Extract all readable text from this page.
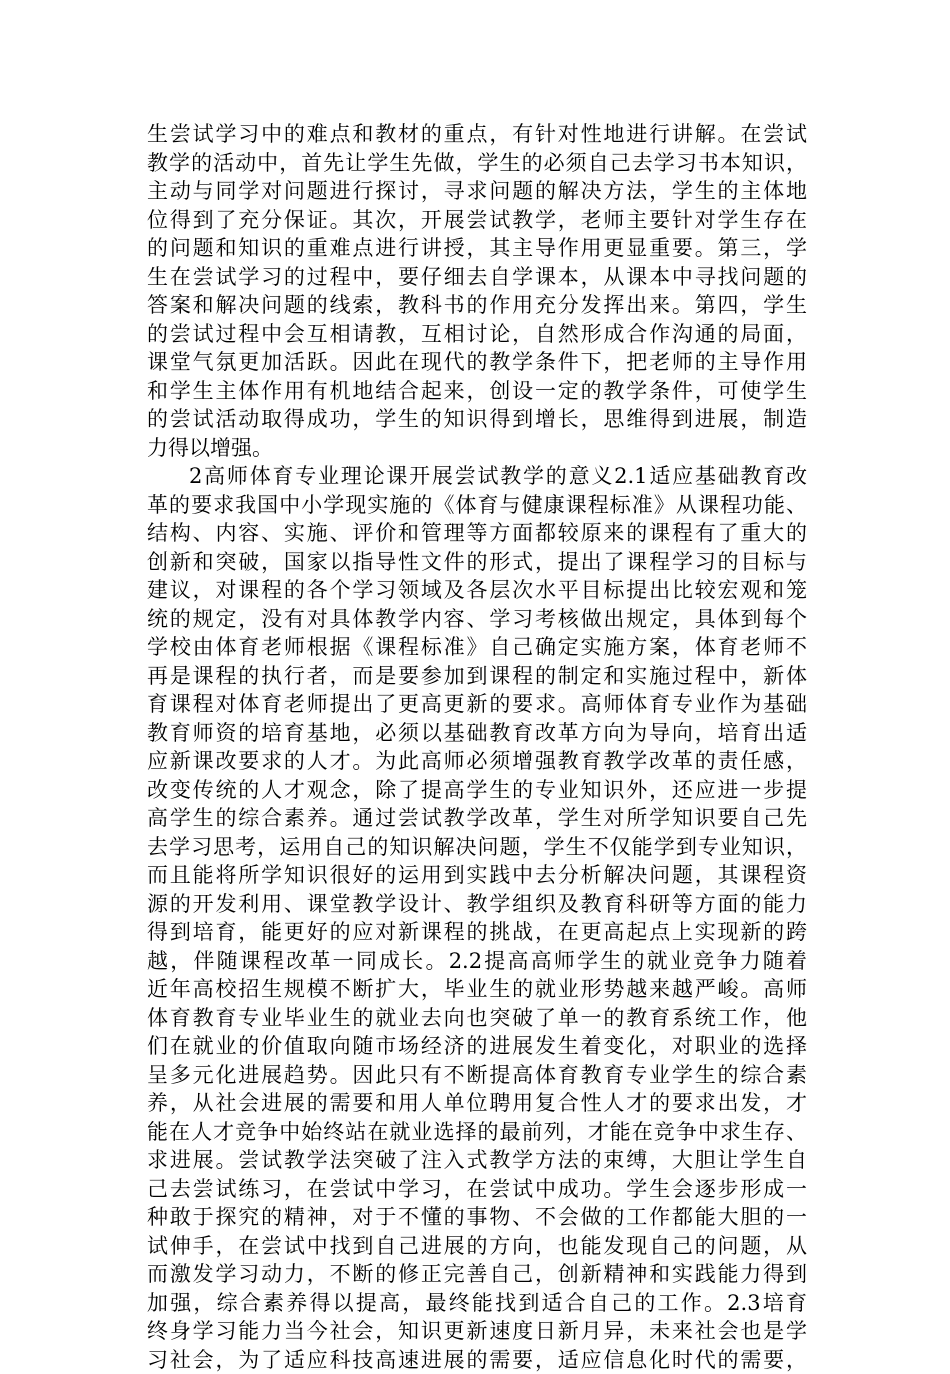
生尝试学习中的难点和教材的重点，有针对性地进行讲解。在尝试
教学的活动中，首先让学生先做，学生的必须自己去学习书本知识，
主动与同学对问题进行探讨，寻求问题的解决方法，学生的主体地
位得到了充分保证。其次，开展尝试教学，老师主要针对学生存在
的问题和知识的重难点进行讲授，其主导作用更显重要。第三，学
生在尝试学习的过程中，要仔细去自学课本，从课本中寻找问题的
答案和解决问题的线索，教科书的作用充分发挥出来。第四，学生
的尝试过程中会互相请教，互相讨论，自然形成合作沟通的局面，
课堂气氛更加活跃。因此在现代的教学条件下，把老师的主导作用
和学生主体作用有机地结合起来，创设一定的教学条件，可使学生
的尝试活动取得成功，学生的知识得到增长，思维得到进展，制造
力得以增强。
2高师体育专业理论课开展尝试教学的意义2.1适应基础教育改
革的要求我国中小学现实施的《体育与健康课程标准》从课程功能、
结构、内容、实施、评价和管理等方面都较原来的课程有了重大的
创新和突破，国家以指导性文件的形式，提出了课程学习的目标与
建议，对课程的各个学习领域及各层次水平目标提出比较宏观和笼
统的规定，没有对具体教学内容、学习考核做出规定，具体到每个
学校由体育老师根据《课程标准》自己确定实施方案，体育老师不
再是课程的执行者，而是要参加到课程的制定和实施过程中，新体
育课程对体育老师提出了更高更新的要求。高师体育专业作为基础
教育师资的培育基地，必须以基础教育改革方向为导向，培育出适
应新课改要求的人才。为此高师必须增强教育教学改革的责任感，
改变传统的人才观念，除了提高学生的专业知识外，还应进一步提
高学生的综合素养。通过尝试教学改革，学生对所学知识要自己先
去学习思考，运用自己的知识解决问题，学生不仅能学到专业知识，
而且能将所学知识很好的运用到实践中去分析解决问题，其课程资
源的开发利用、课堂教学设计、教学组织及教育科研等方面的能力
得到培育，能更好的应对新课程的挑战，在更高起点上实现新的跨
越，伴随课程改革一同成长。2.2提高高师学生的就业竞争力随着
近年高校招生规模不断扩大，毕业生的就业形势越来越严峻。高师
体育教育专业毕业生的就业去向也突破了单一的教育系统工作，他
们在就业的价值取向随市场经济的进展发生着变化，对职业的选择
呈多元化进展趋势。因此只有不断提高体育教育专业学生的综合素
养，从社会进展的需要和用人单位聘用复合性人才的要求出发，才
能在人才竞争中始终站在就业选择的最前列，才能在竞争中求生存、
求进展。尝试教学法突破了注入式教学方法的束缚，大胆让学生自
己去尝试练习，在尝试中学习，在尝试中成功。学生会逐步形成一
种敢于探究的精神，对于不懂的事物、不会做的工作都能大胆的一
试伸手，在尝试中找到自己进展的方向，也能发现自己的问题，从
而激发学习动力，不断的修正完善自己，创新精神和实践能力得到
加强，综合素养得以提高，最终能找到适合自己的工作。2.3培育
终身学习能力当今社会，知识更新速度日新月异，未来社会也是学
习社会，为了适应科技高速进展的需要，适应信息化时代的需要，
